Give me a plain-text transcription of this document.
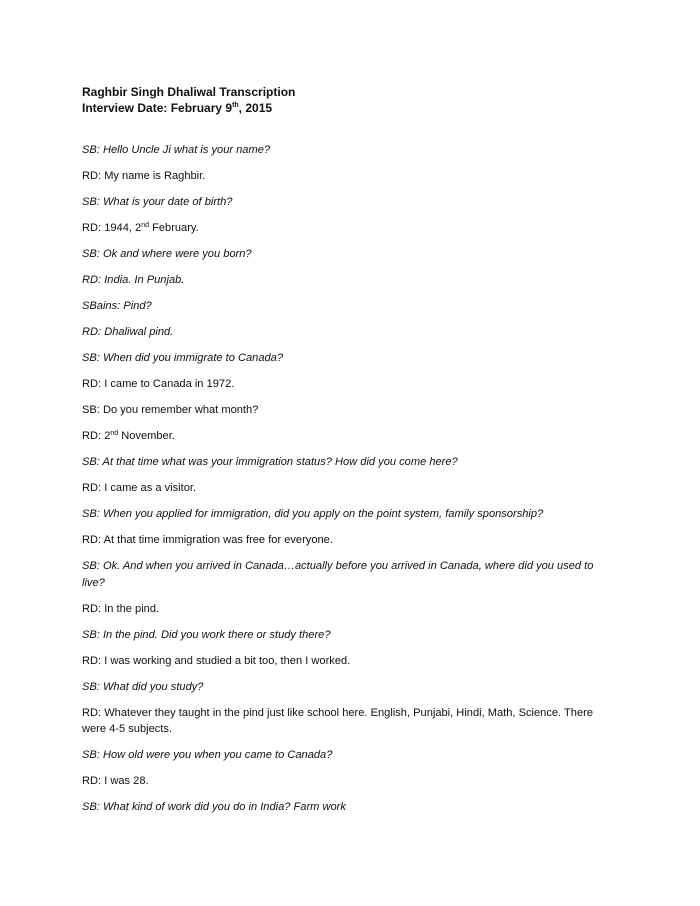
Raghbir Singh Dhaliwal Transcription
Interview Date: February 9th, 2015
SB: Hello Uncle Ji what is your name?
RD: My name is Raghbir.
SB: What is your date of birth?
RD: 1944, 2nd February.
SB: Ok and where were you born?
RD: India. In Punjab.
SBains: Pind?
RD: Dhaliwal pind.
SB: When did you immigrate to Canada?
RD: I came to Canada in 1972.
SB: Do you remember what month?
RD: 2nd November.
SB: At that time what was your immigration status? How did you come here?
RD: I came as a visitor.
SB: When you applied for immigration, did you apply on the point system, family sponsorship?
RD: At that time immigration was free for everyone.
SB: Ok. And when you arrived in Canada…actually before you arrived in Canada, where did you used to live?
RD: In the pind.
SB: In the pind. Did you work there or study there?
RD: I was working and studied a bit too, then I worked.
SB: What did you study?
RD: Whatever they taught in the pind just like school here. English, Punjabi, Hindi, Math, Science. There were 4-5 subjects.
SB: How old were you when you came to Canada?
RD: I was 28.
SB: What kind of work did you do in India? Farm work
